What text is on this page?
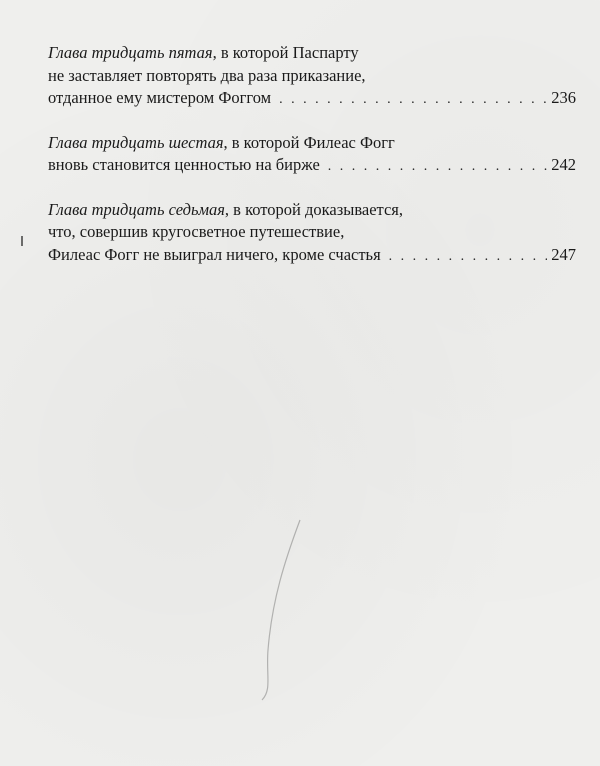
Глава тридцать пятая, в которой Паспарту
не заставляет повторять два раза приказание,
отданное ему мистером Фоггом . . .	236
Глава тридцать шестая, в которой Филеас Фогг
вновь становится ценностью на бирже . . .	242
Глава тридцать седьмая, в которой доказывается,
что, совершив кругосветное путешествие,
Филеас Фогг не выиграл ничего, кроме счастья . . .	247
